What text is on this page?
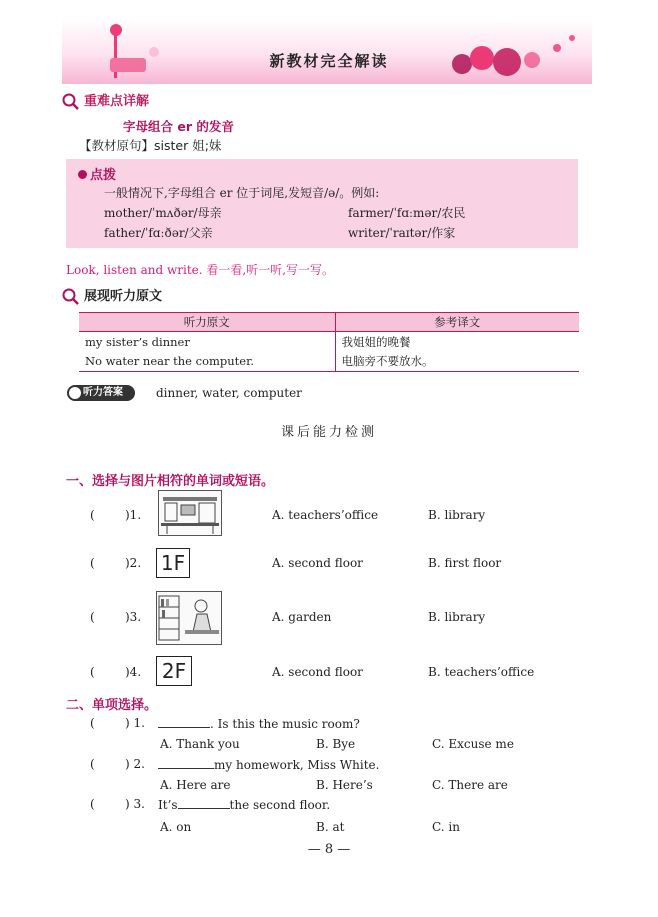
新教材完全解读
重难点详解
字母组合 er 的发音
【教材原句】sister 姐;妹
点拨
一般情况下,字母组合 er 位于词尾,发短音/ə/。例如:
mother/ˈmʌðər/母亲	farmer/ˈfɑːmər/农民
father/ˈfɑːðər/父亲	writer/ˈraɪtər/作家
Look, listen and write. 看一看,听一听,写一写。
展现听力原文
听力原文	参考译文
my sister’s dinner	我姐姐的晚餐
No water near the computer.	电脑旁不要放水。
听力答案	dinner, water, computer
课后能力检测
一、选择与图片相符的单词或短语。
(	)1.	A. teachers’office	B. library
(	)2. 1F	A. second floor	B. first floor
(	)3.	A. garden	B. library
(	)4. 2F	A. second floor	B. teachers’office
二、单项选择。
(	) 1.	. Is this the music room?
A. Thank you	B. Bye	C. Excuse me
(	) 2.	my homework, Miss White.
A. Here are	B. Here’s	C. There are
(	) 3. It’s	the second floor.
A. on	B. at	C. in
— 8 —
